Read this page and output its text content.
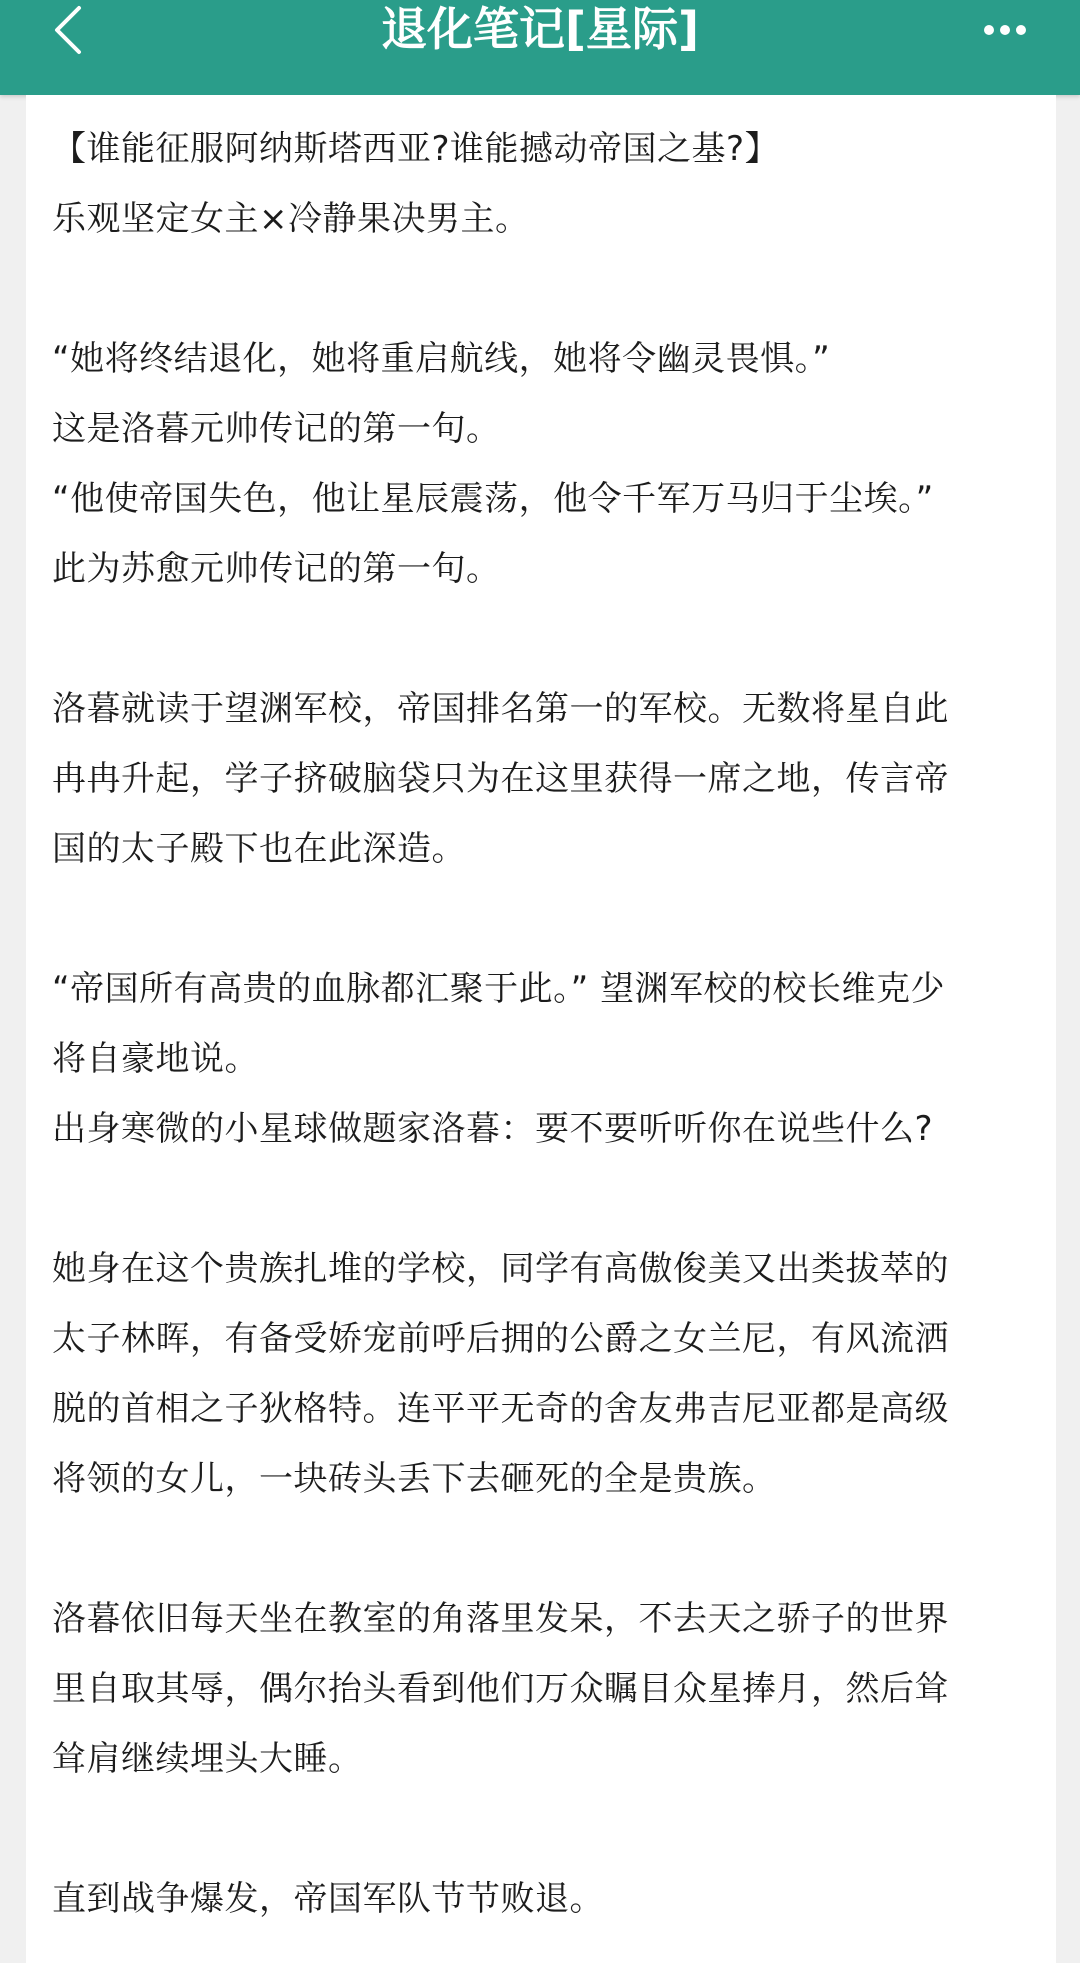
退化笔记[星际]
【谁能征服阿纳斯塔西亚?谁能撼动帝国之基?】
乐观坚定女主×冷静果决男主。
“她将终结退化，她将重启航线，她将令幽灵畏惧。”
这是洛暮元帅传记的第一句。
“他使帝国失色，他让星辰震荡，他令千军万马归于尘埃。”
此为苏愈元帅传记的第一句。
洛暮就读于望渊军校，帝国排名第一的军校。无数将星自此
冉冉升起，学子挤破脑袋只为在这里获得一席之地，传言帝
国的太子殿下也在此深造。
“帝国所有高贵的血脉都汇聚于此。” 望渊军校的校长维克少
将自豪地说。
出身寒微的小星球做题家洛暮：要不要听听你在说些什么?
她身在这个贵族扎堆的学校，同学有高傲俊美又出类拔萃的
太子林晖，有备受娇宠前呼后拥的公爵之女兰尼，有风流洒
脱的首相之子狄格特。连平平无奇的舍友弗吉尼亚都是高级
将领的女儿，一块砖头丢下去砸死的全是贵族。
洛暮依旧每天坐在教室的角落里发呆，不去天之骄子的世界
里自取其辱，偶尔抬头看到他们万众瞩目众星捧月，然后耸
耸肩继续埋头大睡。
直到战争爆发，帝国军队节节败退。
